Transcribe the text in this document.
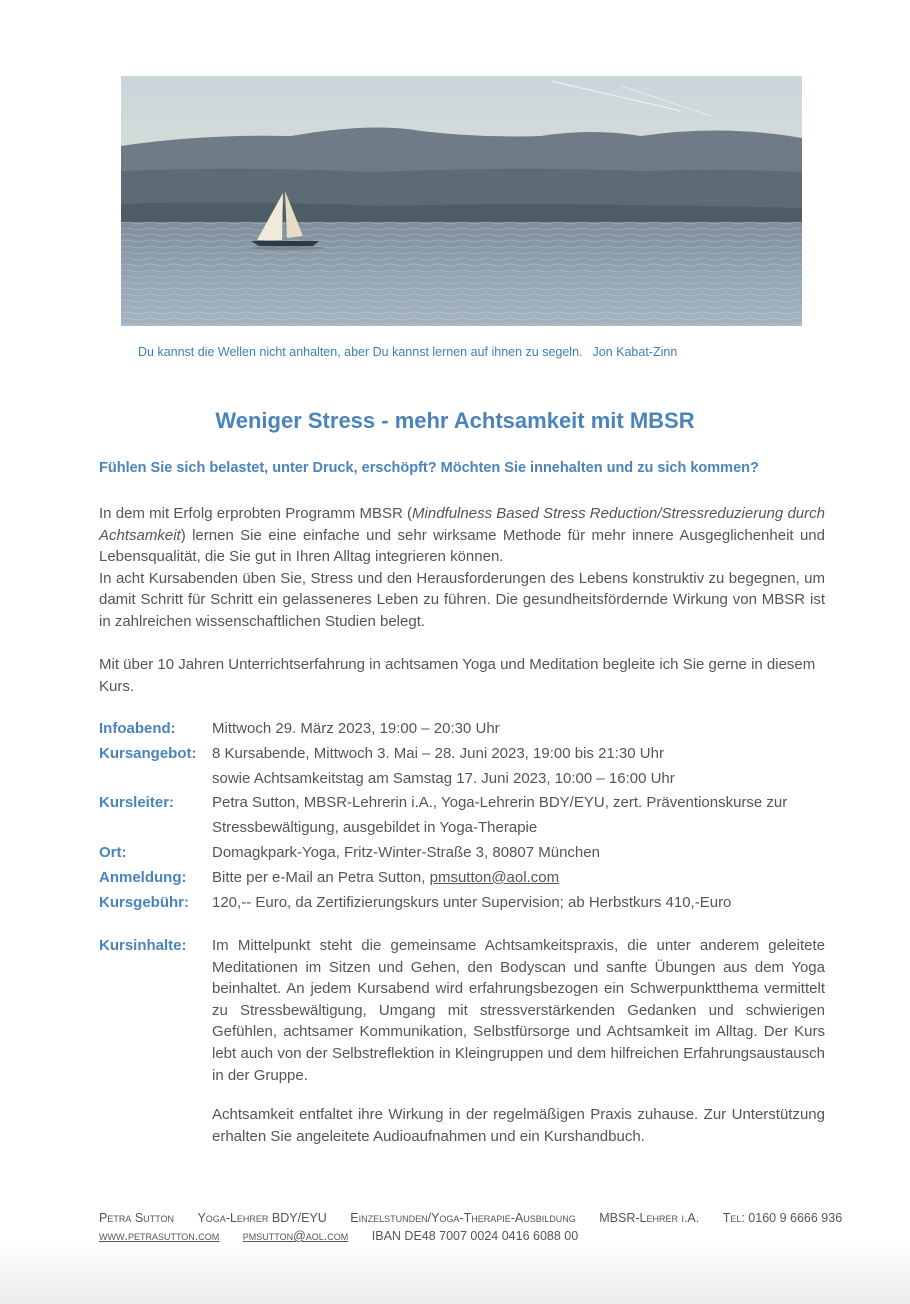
Du kannst die Wellen nicht anhalten, aber Du kannst lernen auf ihnen zu segeln. Jon Kabat-Zinn
Weniger Stress - mehr Achtsamkeit mit MBSR
Fühlen Sie sich belastet, unter Druck, erschöpft? Möchten Sie innehalten und zu sich kommen?
In dem mit Erfolg erprobten Programm MBSR (Mindfulness Based Stress Reduction/Stressreduzierung durch Achtsamkeit) lernen Sie eine einfache und sehr wirksame Methode für mehr innere Ausgeglichenheit und Lebensqualität, die Sie gut in Ihren Alltag integrieren können.
In acht Kursabenden üben Sie, Stress und den Herausforderungen des Lebens konstruktiv zu begegnen, um damit Schritt für Schritt ein gelasseneres Leben zu führen. Die gesundheitsfördernde Wirkung von MBSR ist in zahlreichen wissenschaftlichen Studien belegt.
Mit über 10 Jahren Unterrichtserfahrung in achtsamen Yoga und Meditation begleite ich Sie gerne in diesem Kurs.
Infoabend:	Mittwoch 29. März 2023, 19:00 – 20:30 Uhr
Kursangebot:	8 Kursabende, Mittwoch 3. Mai – 28. Juni 2023, 19:00 bis 21:30 Uhr
sowie Achtsamkeitstag am Samstag 17. Juni 2023, 10:00 – 16:00 Uhr
Kursleiter:	Petra Sutton, MBSR-Lehrerin i.A., Yoga-Lehrerin BDY/EYU, zert. Präventionskurse zur
Stressbewältigung, ausgebildet in Yoga-Therapie
Ort:	Domagkpark-Yoga, Fritz-Winter-Straße 3, 80807 München
Anmeldung:	Bitte per e-Mail an Petra Sutton, pmsutton@aol.com
Kursgebühr:	120,-- Euro, da Zertifizierungskurs unter Supervision; ab Herbstkurs 410,-Euro
Kursinhalte:	Im Mittelpunkt steht die gemeinsame Achtsamkeitspraxis, die unter anderem geleitete Meditationen im Sitzen und Gehen, den Bodyscan und sanfte Übungen aus dem Yoga beinhaltet. An jedem Kursabend wird erfahrungsbezogen ein Schwerpunktthema vermittelt zu Stressbewältigung, Umgang mit stressverstärkenden Gedanken und schwierigen Gefühlen, achtsamer Kommunikation, Selbstfürsorge und Achtsamkeit im Alltag. Der Kurs lebt auch von der Selbstreflektion in Kleingruppen und dem hilfreichen Erfahrungsaustausch in der Gruppe.

Achtsamkeit entfaltet ihre Wirkung in der regelmäßigen Praxis zuhause. Zur Unterstützung erhalten Sie angeleitete Audioaufnahmen und ein Kurshandbuch.

Petra Sutton Yoga-Lehrer BDY/EYU Einzelstunden/Yoga-Therapie-Ausbildung MBSR-Lehrer i.A. Tel: 0160 9 6666 936
www.petrasutton.com pmsutton@aol.com IBAN DE48 7007 0024 0416 6088 00
